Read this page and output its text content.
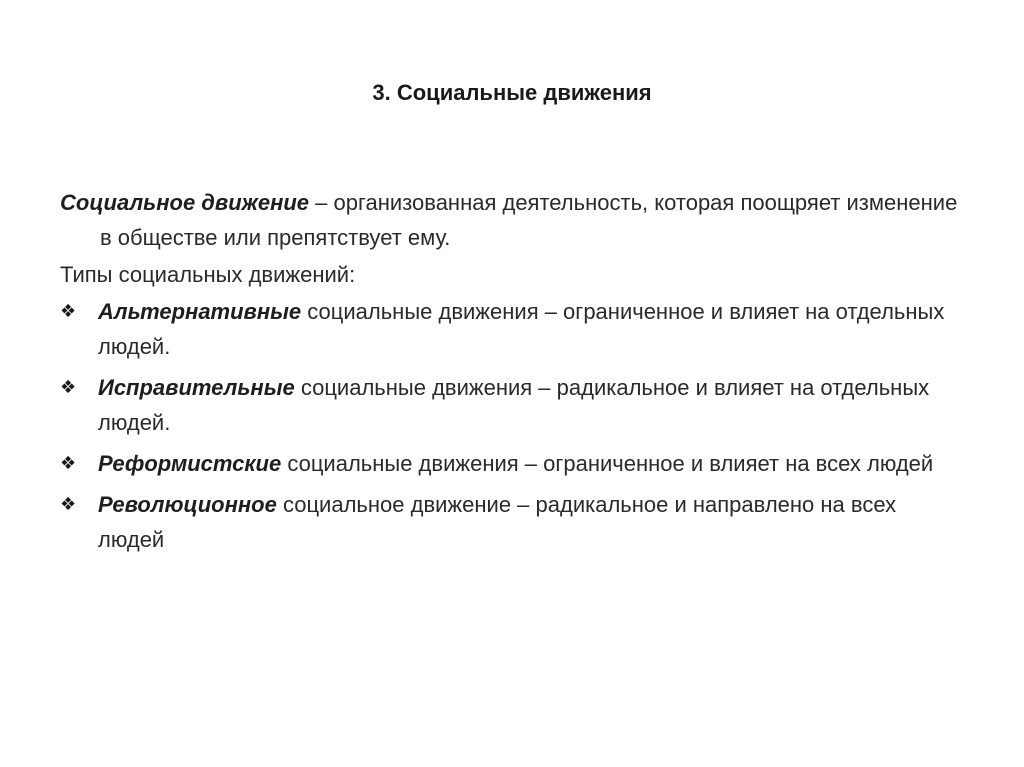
3. Социальные движения

Социальное движение – организованная деятельность, которая поощряет изменение в обществе или препятствует ему.

Типы социальных движений:

❖ Альтернативные социальные движения – ограниченное и влияет на отдельных людей.
❖ Исправительные социальные движения – радикальное и влияет на отдельных людей.
❖ Реформистские социальные движения – ограниченное и влияет на всех людей
❖ Революционное социальное движение – радикальное и направлено на всех людей
